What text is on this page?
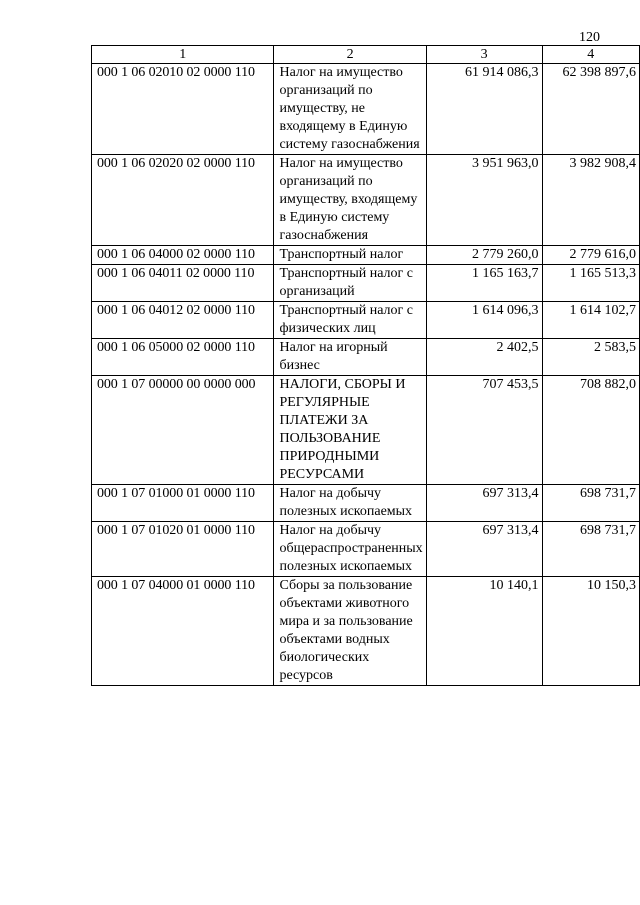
120
1	2	3	4
000 1 06 02010 02 0000 110	Налог на имущество организаций по имуществу, не входящему в Единую систему газоснабжения	61 914 086,3	62 398 897,6
000 1 06 02020 02 0000 110	Налог на имущество организаций по имуществу, входящему в Единую систему газоснабжения	3 951 963,0	3 982 908,4
000 1 06 04000 02 0000 110	Транспортный налог	2 779 260,0	2 779 616,0
000 1 06 04011 02 0000 110	Транспортный налог с организаций	1 165 163,7	1 165 513,3
000 1 06 04012 02 0000 110	Транспортный налог с физических лиц	1 614 096,3	1 614 102,7
000 1 06 05000 02 0000 110	Налог на игорный бизнес	2 402,5	2 583,5
000 1 07 00000 00 0000 000	НАЛОГИ, СБОРЫ И РЕГУЛЯРНЫЕ ПЛАТЕЖИ ЗА ПОЛЬЗОВАНИЕ ПРИРОДНЫМИ РЕСУРСАМИ	707 453,5	708 882,0
000 1 07 01000 01 0000 110	Налог на добычу полезных ископаемых	697 313,4	698 731,7
000 1 07 01020 01 0000 110	Налог на добычу общераспространенных полезных ископаемых	697 313,4	698 731,7
000 1 07 04000 01 0000 110	Сборы за пользование объектами животного мира и за пользование объектами водных биологических ресурсов	10 140,1	10 150,3
